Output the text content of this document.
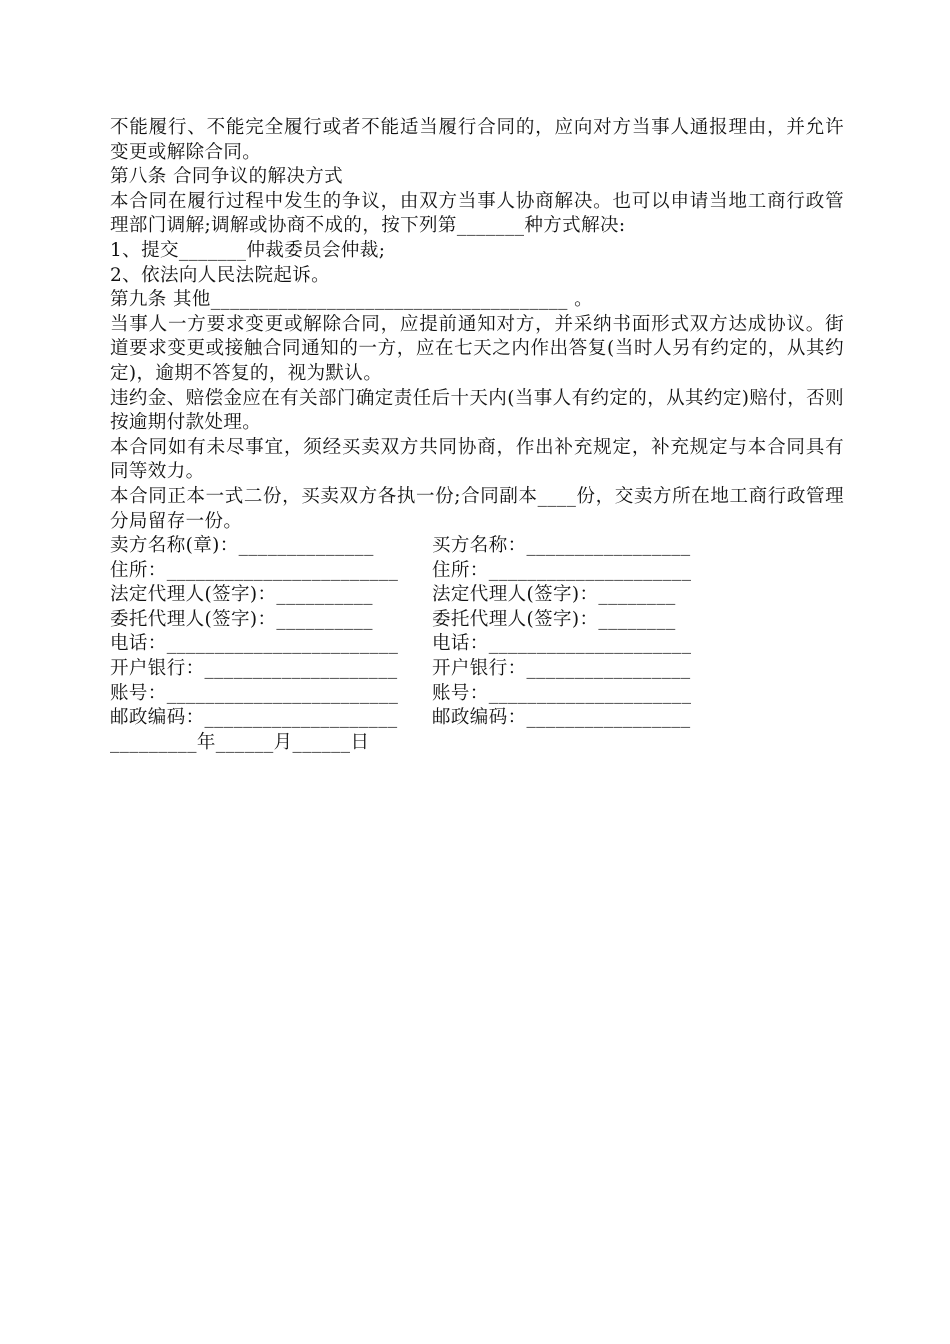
不能履行、不能完全履行或者不能适当履行合同的，应向对方当事人通报理由，并允许变更或解除合同。

第八条 合同争议的解决方式

本合同在履行过程中发生的争议，由双方当事人协商解决。也可以申请当地工商行政管理部门调解;调解或协商不成的，按下列第_______种方式解决:

1、提交_______仲裁委员会仲裁;

2、依法向人民法院起诉。

第九条 其他_____________________________________ 。

当事人一方要求变更或解除合同，应提前通知对方，并采纳书面形式双方达成协议。街道要求变更或接触合同通知的一方，应在七天之内作出答复(当时人另有约定的，从其约定)，逾期不答复的，视为默认。

违约金、赔偿金应在有关部门确定责任后十天内(当事人有约定的，从其约定)赔付，否则按逾期付款处理。

本合同如有未尽事宜，须经买卖双方共同协商，作出补充规定，补充规定与本合同具有同等效力。

本合同正本一式二份，买卖双方各执一份;合同副本____份，交卖方所在地工商行政管理分局留存一份。

卖方名称(章)：______________	买方名称：_________________
住所：________________________ 住所：_____________________
法定代理人(签字)：__________	法定代理人(签字)：________
委托代理人(签字)：__________	委托代理人(签字)：________
电话：________________________ 电话：_____________________
开户银行：____________________ 开户银行：_________________
账号：________________________ 账号：_____________________
邮政编码：____________________ 邮政编码：_________________

_________年______月______日
